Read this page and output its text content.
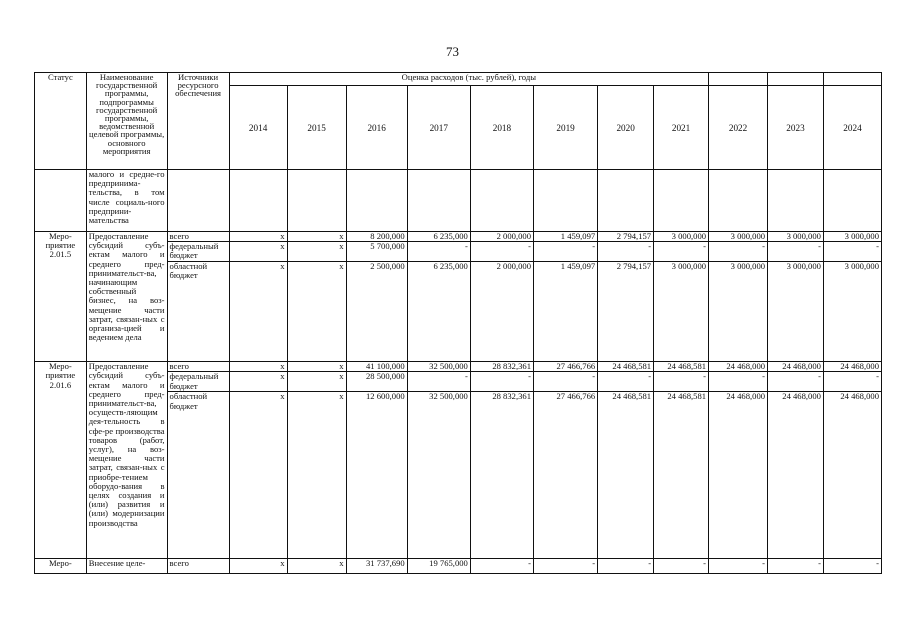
73
Статус	Наименование государственной программы, подпрограммы государственной программы, ведомственной целевой программы, основного мероприятия	Источники ресурсного обеспечения	Оценка расходов (тыс. рублей), годы										
			2014	2015	2016	2017	2018	2019	2020	2021	2022	2023	2024
	малого и средне-го предпринима-тельства, в том числе социаль-ного предприни-мательства												
Меро-приятие 2.01.5	Предоставление субсидий субъ-ектам малого и среднего пред-принимательст-ва, начинающим собственный бизнес, на воз-мещение части затрат, связан-ных с организа-цией и ведением дела	всего	х	х	8 200,000	6 235,000	2 000,000	1 459,097	2 794,157	3 000,000	3 000,000	3 000,000	3 000,000
		федеральный бюджет	х	х	5 700,000	-	-	-	-	-	-	-	-
		областной бюджет	х	х	2 500,000	6 235,000	2 000,000	1 459,097	2 794,157	3 000,000	3 000,000	3 000,000	3 000,000
Меро-приятие 2.01.6	Предоставление субсидий субъ-ектам малого и среднего пред-принимательст-ва, осуществ-ляющим дея-тельность в сфе-ре производства товаров (работ, услуг), на воз-мещение части затрат, связан-ных с приобре-тением оборудо-вания в целях создания и (или) развития и (или) модернизации производства	всего	х	х	41 100,000	32 500,000	28 832,361	27 466,766	24 468,581	24 468,581	24 468,000	24 468,000	24 468,000
		федеральный бюджет	х	х	28 500,000	-	-	-	-	-	-	-	-
		областной бюджет	х	х	12 600,000	32 500,000	28 832,361	27 466,766	24 468,581	24 468,581	24 468,000	24 468,000	24 468,000
Меро-	Внесение целе-	всего	х	х	31 737,690	19 765,000	-	-	-	-	-	-	-
